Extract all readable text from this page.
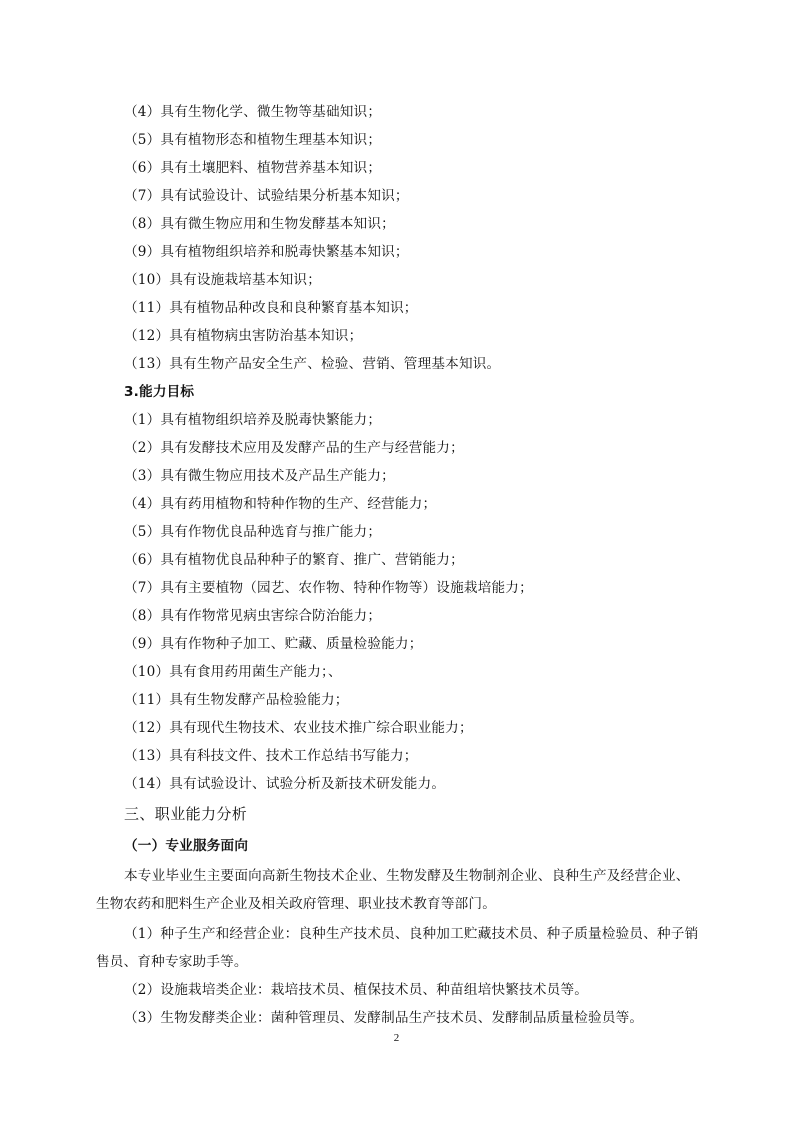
（4）具有生物化学、微生物等基础知识；
（5）具有植物形态和植物生理基本知识；
（6）具有土壤肥料、植物营养基本知识；
（7）具有试验设计、试验结果分析基本知识；
（8）具有微生物应用和生物发酵基本知识；
（9）具有植物组织培养和脱毒快繁基本知识；
（10）具有设施栽培基本知识；
（11）具有植物品种改良和良种繁育基本知识；
（12）具有植物病虫害防治基本知识；
（13）具有生物产品安全生产、检验、营销、管理基本知识。
3.能力目标
（1）具有植物组织培养及脱毒快繁能力；
（2）具有发酵技术应用及发酵产品的生产与经营能力；
（3）具有微生物应用技术及产品生产能力；
（4）具有药用植物和特种作物的生产、经营能力；
（5）具有作物优良品种选育与推广能力；
（6）具有植物优良品种种子的繁育、推广、营销能力；
（7）具有主要植物（园艺、农作物、特种作物等）设施栽培能力；
（8）具有作物常见病虫害综合防治能力；
（9）具有作物种子加工、贮藏、质量检验能力；
（10）具有食用药用菌生产能力；、
（11）具有生物发酵产品检验能力；
（12）具有现代生物技术、农业技术推广综合职业能力；
（13）具有科技文件、技术工作总结书写能力；
（14）具有试验设计、试验分析及新技术研发能力。
三、职业能力分析
（一）专业服务面向
本专业毕业生主要面向高新生物技术企业、生物发酵及生物制剂企业、良种生产及经营企业、
生物农药和肥料生产企业及相关政府管理、职业技术教育等部门。
（1）种子生产和经营企业：良种生产技术员、良种加工贮藏技术员、种子质量检验员、种子销
售员、育种专家助手等。
（2）设施栽培类企业：栽培技术员、植保技术员、种苗组培快繁技术员等。
（3）生物发酵类企业：菌种管理员、发酵制品生产技术员、发酵制品质量检验员等。
2
